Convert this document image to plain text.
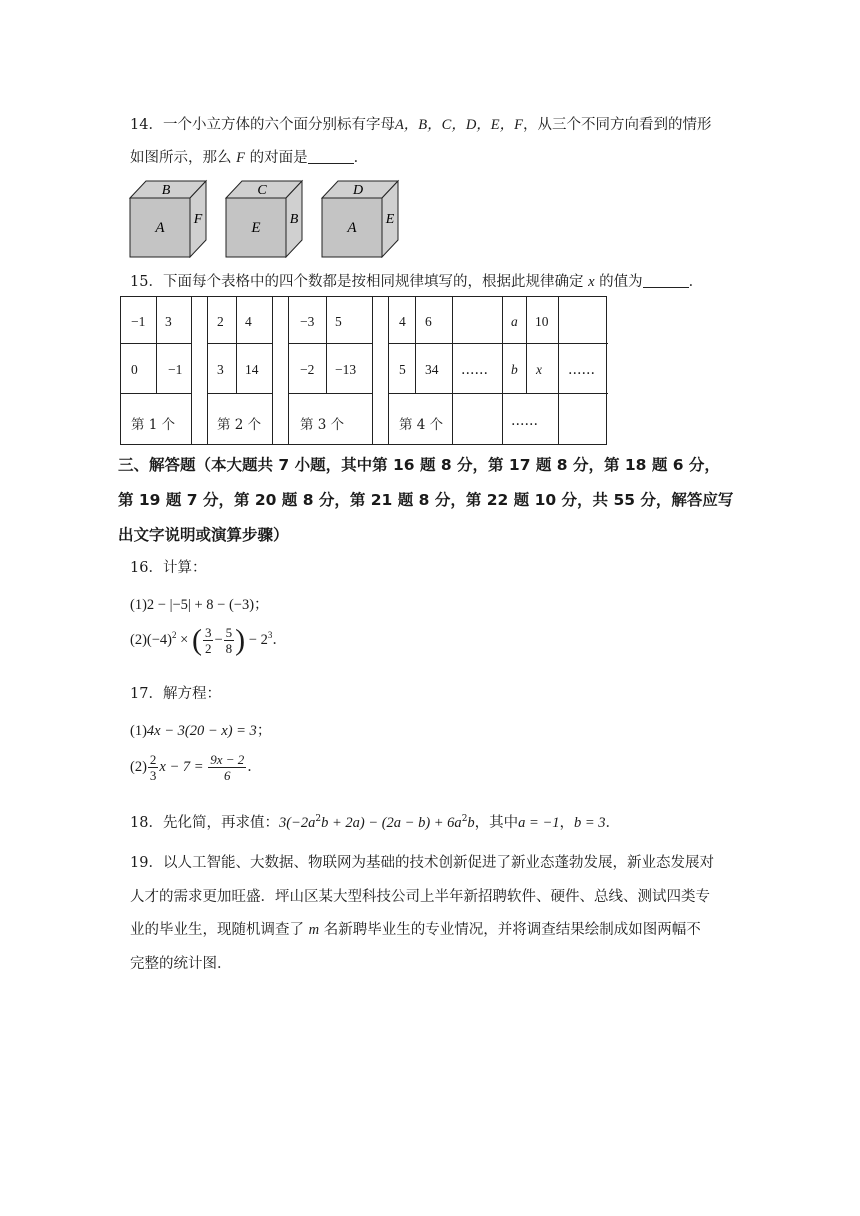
14．一个小立方体的六个面分别标有字母A，B，C，D，E，F，从三个不同方向看到的情形
如图所示，那么 F 的对面是	．
B
A
F
C
E
B
D
A
E
15．下面每个表格中的四个数都是按相同规律填写的，根据此规律确定 x 的值为	．
−1 3
0 −1
第 1 个
2 4
3 14
第 2 个
−3 5
−2 −13
第 3 个
4 6
5 34
第 4 个
……
a 10
b x ……
……
三、解答题（本大题共 7 小题，其中第 16 题 8 分，第 17 题 8 分，第 18 题 6 分，
第 19 题 7 分，第 20 题 8 分，第 21 题 8 分，第 22 题 10 分，共 55 分，解答应写
出文字说明或演算步骤）
16．计算：
(1)2 − |−5| + 8 − (−3)；
$(2)(-4)^2$ × ( $\frac{3}{2} - \frac{5}{8}$ ) − $2^3$．
17．解方程：
(1)4x − 3(20 − x) = 3；
$(2) \frac{2}{3}$ $x - 7 = \frac{9x - 2}{6}$ ．
18．先化简，再求值：$3(-2a^2b + 2a) - (2a - b) + 6a^2b$，其中a = −1，b = 3．
19．以人工智能、大数据、物联网为基础的技术创新促进了新业态蓬勃发展，新业态发展对
人才的需求更加旺盛．坪山区某大型科技公司上半年新招聘软件、硬件、总线、测试四类专
业的毕业生，现随机调查了 m 名新聘毕业生的专业情况，并将调查结果绘制成如图两幅不
完整的统计图．
